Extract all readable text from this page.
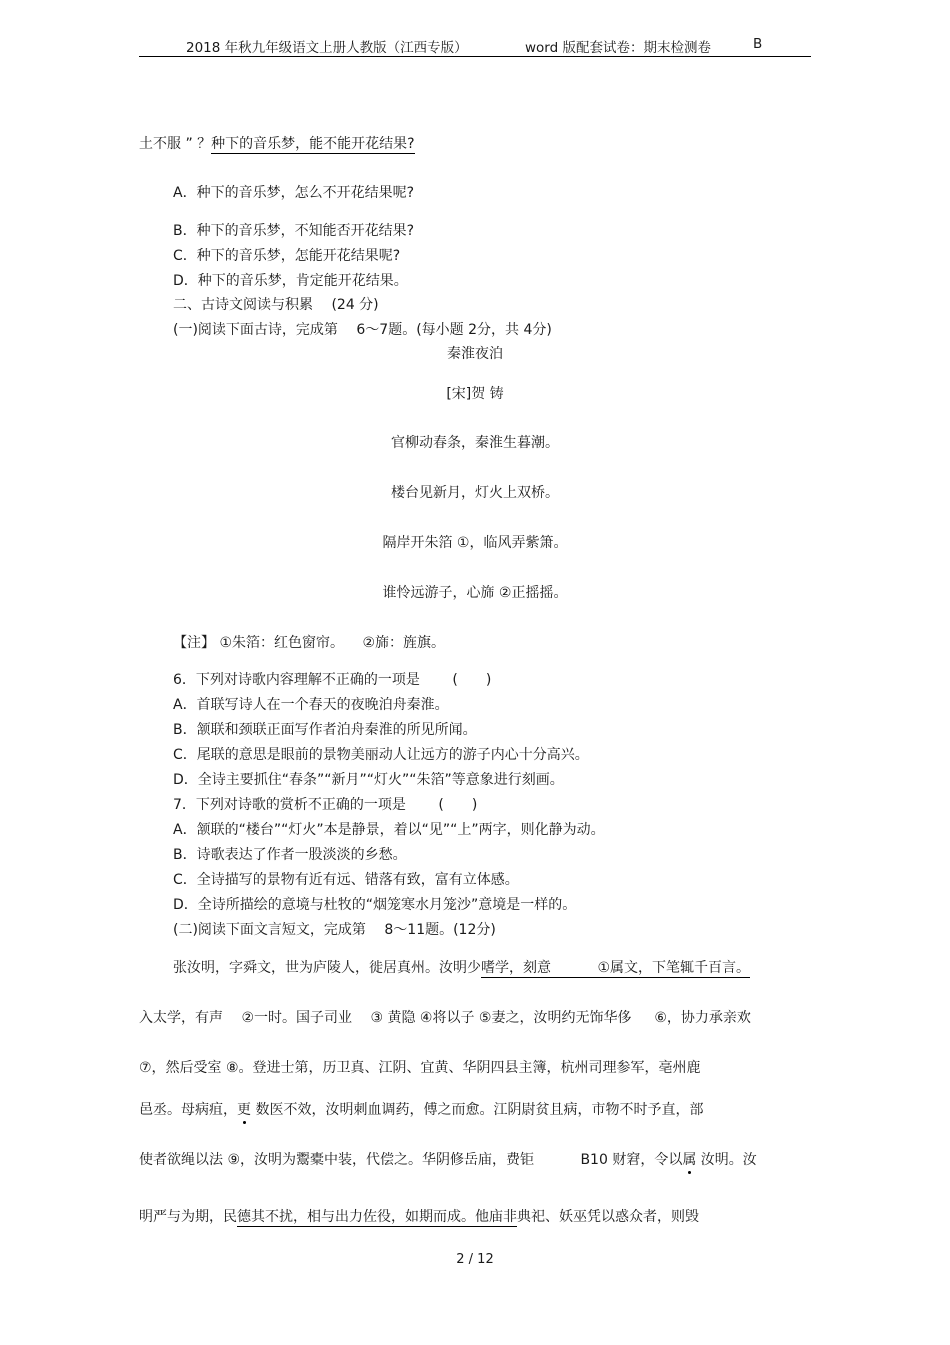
2018 年秋九年级语文上册人教版（江西专版）	word 版配套试卷：期末检测卷	B
土不服 ” ？种下的音乐梦，能不能开花结果?
A．种下的音乐梦，怎么不开花结果呢?
B．种下的音乐梦，不知能否开花结果?
C．种下的音乐梦，怎能开花结果呢?
D．种下的音乐梦，肯定能开花结果。
二、古诗文阅读与积累 　(24 分)
(一)阅读下面古诗，完成第 　6～7题。(每小题 2分，共 4分)
秦淮夜泊
[宋]贺 铸
官柳动春条，秦淮生暮潮。
楼台见新月，灯火上双桥。
隔岸开朱箔 ①，临风弄紫箫。
谁怜远游子，心旆 ②正摇摇。
【注】 ①朱箔：红色窗帘。 　②旆：旌旗。
6．下列对诗歌内容理解不正确的一项是 　　(　　)
A．首联写诗人在一个春天的夜晚泊舟秦淮。
B．颔联和颈联正面写作者泊舟秦淮的所见所闻。
C．尾联的意思是眼前的景物美丽动人让远方的游子内心十分高兴。
D．全诗主要抓住“春条”“新月”“灯火”“朱箔”等意象进行刻画。
7．下列对诗歌的赏析不正确的一项是 　　(　　)
A．颔联的“楼台”“灯火”本是静景，着以“见”“上”两字，则化静为动。
B．诗歌表达了作者一股淡淡的乡愁。
C．全诗描写的景物有近有远、错落有致，富有立体感。
D．全诗所描绘的意境与杜牧的“烟笼寒水月笼沙”意境是一样的。
(二)阅读下面文言短文，完成第 　8～11题。(12分)
张汝明，字舜文，世为庐陵人，徙居真州。汝明少嗜学，刻意 　　　①属文，下笔辄千百言。
入太学，有声 　②一时。国子司业 　③ 黄隐 ④将以子 ⑤妻之，汝明约无饰华侈 　 ⑥，协力承亲欢
⑦，然后受室 ⑧。登进士第，历卫真、江阴、宜黄、华阴四县主簿，杭州司理参军，亳州鹿
邑丞。母病疽，更 数医不效，汝明刺血调药，傅之而愈。江阴尉贫且病，市物不时予直，部
使者欲绳以法 ⑨，汝明为鬻橐中装，代偿之。华阴修岳庙，费钜 　　　B10 财窘，令以属 汝明。汝
明严与为期，民德其不扰，相与出力佐役，如期而成。他庙非典祀、妖巫凭以惑众者，则毁
2 / 12
